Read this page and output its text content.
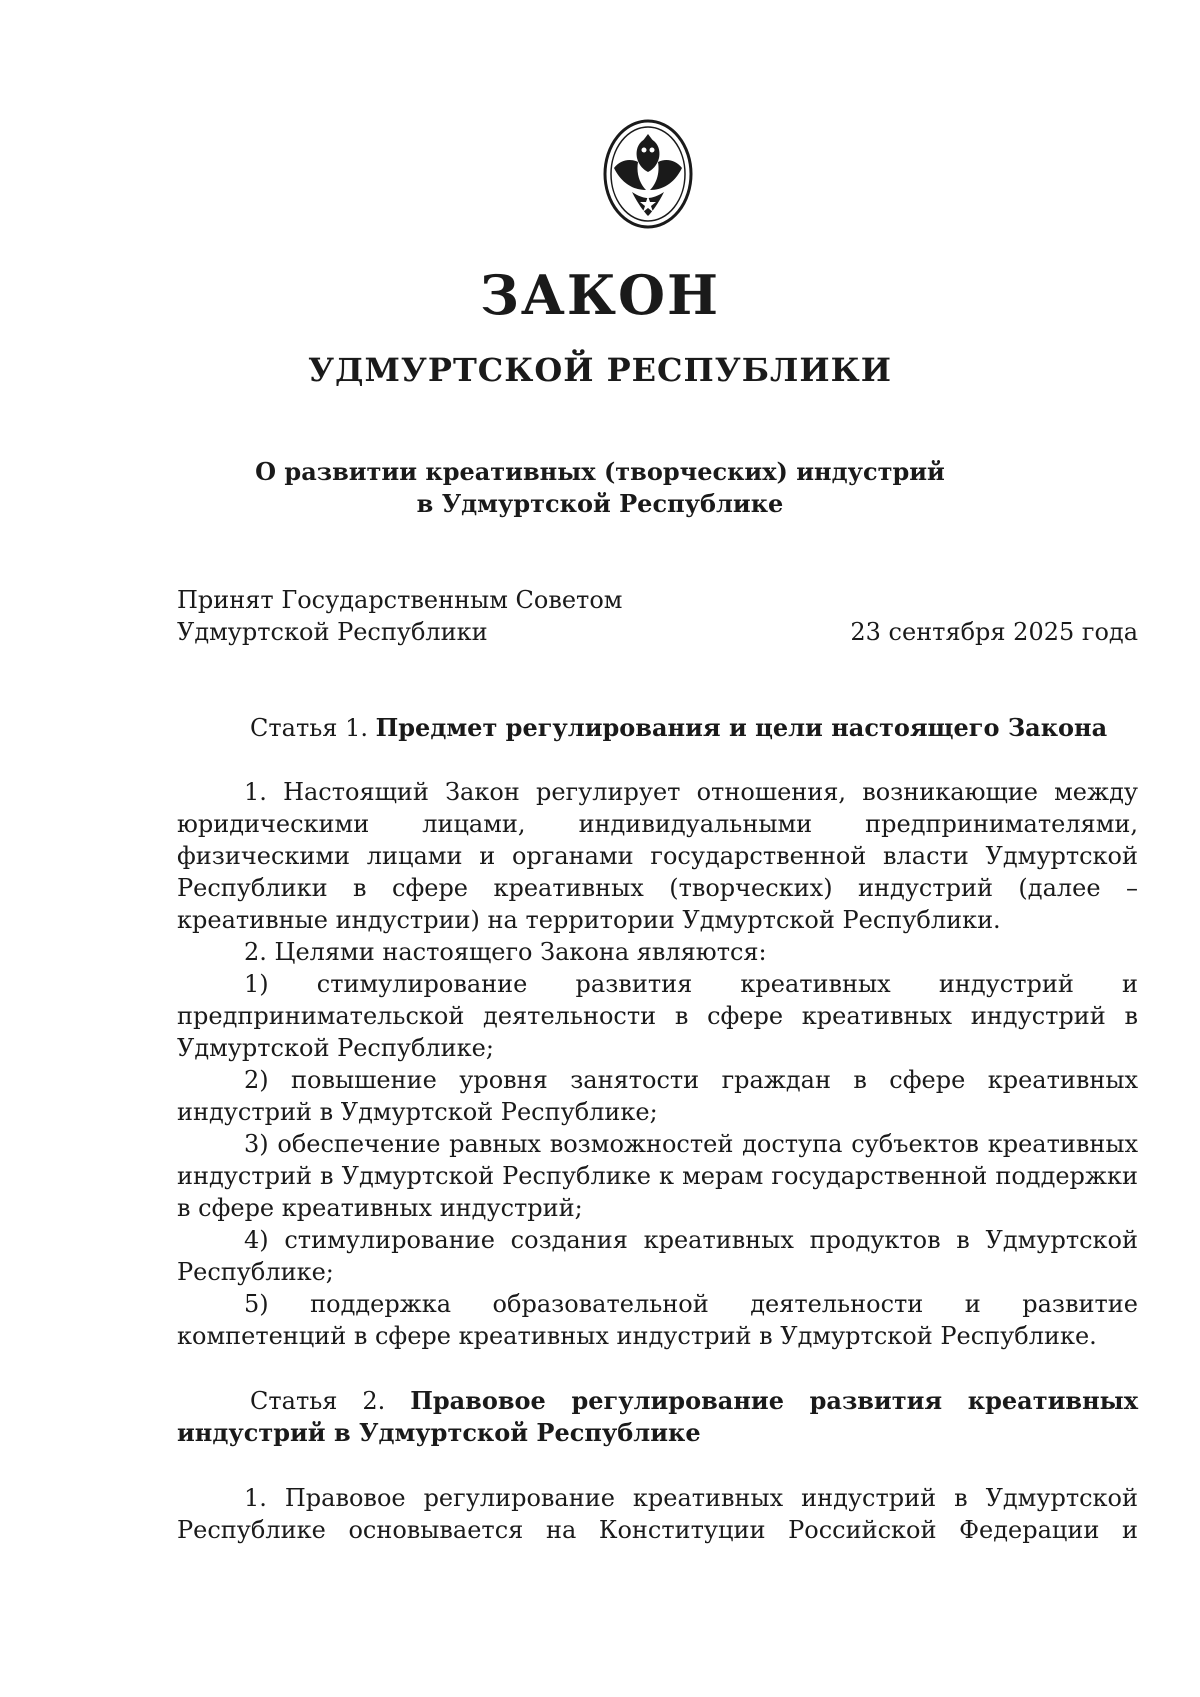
ЗАКОН
УДМУРТСКОЙ РЕСПУБЛИКИ
О развитии креативных (творческих) индустрий
в Удмуртской Республике
Принят Государственным Советом
Удмуртской Республики	23 сентября 2025 года
Статья 1. Предмет регулирования и цели настоящего Закона
1. Настоящий Закон регулирует отношения, возникающие между юридическими лицами, индивидуальными предпринимателями, физическими лицами и органами государственной власти Удмуртской Республики в сфере креативных (творческих) индустрий (далее – креативные индустрии) на территории Удмуртской Республики.
2. Целями настоящего Закона являются:
1) стимулирование развития креативных индустрий и предпринимательской деятельности в сфере креативных индустрий в Удмуртской Республике;
2) повышение уровня занятости граждан в сфере креативных индустрий в Удмуртской Республике;
3) обеспечение равных возможностей доступа субъектов креативных индустрий в Удмуртской Республике к мерам государственной поддержки в сфере креативных индустрий;
4) стимулирование создания креативных продуктов в Удмуртской Республике;
5) поддержка образовательной деятельности и развитие компетенций в сфере креативных индустрий в Удмуртской Республике.
Статья 2. Правовое регулирование развития креативных индустрий в Удмуртской Республике
1. Правовое регулирование креативных индустрий в Удмуртской Республике основывается на Конституции Российской Федерации и
